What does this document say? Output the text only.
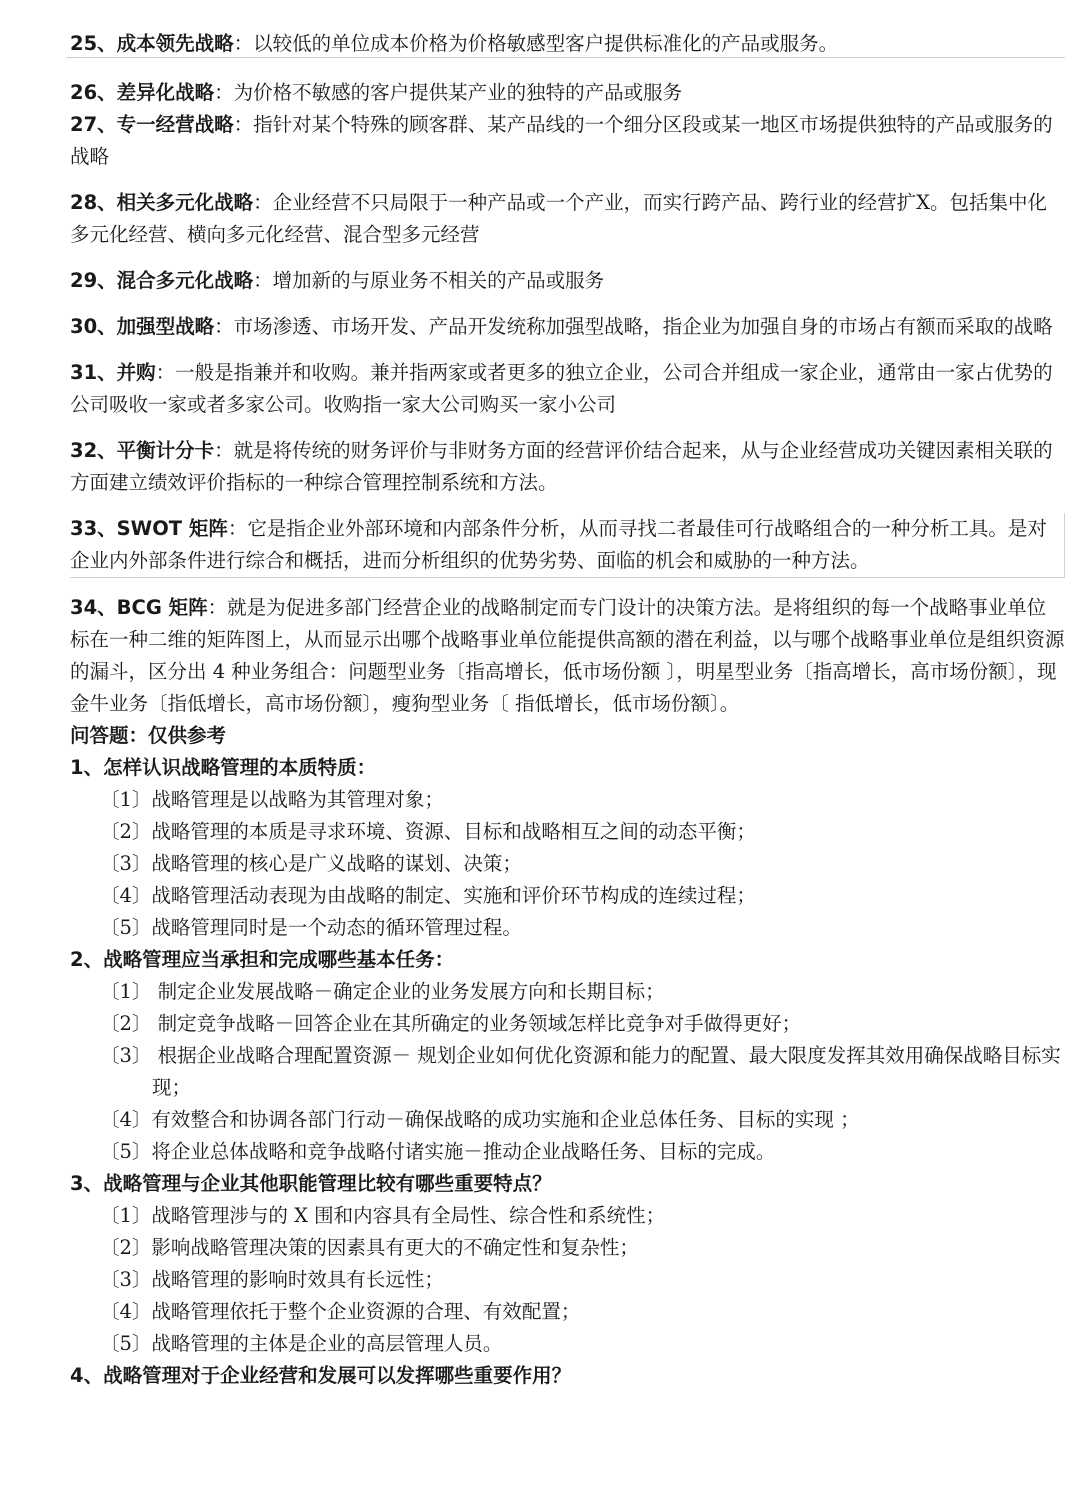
25、成本领先战略：以较低的单位成本价格为价格敏感型客户提供标准化的产品或服务。

26、差异化战略：为价格不敏感的客户提供某产业的独特的产品或服务

27、专一经营战略：指针对某个特殊的顾客群、某产品线的一个细分区段或某一地区市场提供独特的产品或服务的战略

28、相关多元化战略：企业经营不只局限于一种产品或一个产业，而实行跨产品、跨行业的经营扩X。包括集中化多元化经营、横向多元化经营、混合型多元经营

29、混合多元化战略：增加新的与原业务不相关的产品或服务

30、加强型战略：市场渗透、市场开发、产品开发统称加强型战略，指企业为加强自身的市场占有额而采取的战略

31、并购：一般是指兼并和收购。兼并指两家或者更多的独立企业，公司合并组成一家企业，通常由一家占优势的公司吸收一家或者多家公司。收购指一家大公司购买一家小公司

32、平衡计分卡：就是将传统的财务评价与非财务方面的经营评价结合起来，从与企业经营成功关键因素相关联的方面建立绩效评价指标的一种综合管理控制系统和方法。

33、SWOT 矩阵：它是指企业外部环境和内部条件分析，从而寻找二者最佳可行战略组合的一种分析工具。是对企业内外部条件进行综合和概括，进而分析组织的优势劣势、面临的机会和威胁的一种方法。

34、BCG 矩阵：就是为促进多部门经营企业的战略制定而专门设计的决策方法。是将组织的每一个战略事业单位标在一种二维的矩阵图上，从而显示出哪个战略事业单位能提供高额的潜在利益，以与哪个战略事业单位是组织资源的漏斗，区分出 4 种业务组合：问题型业务〔指高增长，低市场份额 〕，明星型业务〔指高增长，高市场份额〕，现金牛业务〔指低增长，高市场份额〕，瘦狗型业务〔 指低增长，低市场份额〕。

问答题：仅供参考

1、怎样认识战略管理的本质特质：

〔1〕战略管理是以战略为其管理对象；

〔2〕战略管理的本质是寻求环境、资源、目标和战略相互之间的动态平衡；

〔3〕战略管理的核心是广义战略的谋划、决策；

〔4〕战略管理活动表现为由战略的制定、实施和评价环节构成的连续过程；

〔5〕战略管理同时是一个动态的循环管理过程。

2、战略管理应当承担和完成哪些基本任务：

〔1〕 制定企业发展战略－确定企业的业务发展方向和长期目标；

〔2〕 制定竞争战略－回答企业在其所确定的业务领域怎样比竞争对手做得更好；

〔3〕 根据企业战略合理配置资源－ 规划企业如何优化资源和能力的配置、最大限度发挥其效用确保战略目标实现；

〔4〕有效整合和协调各部门行动－确保战略的成功实施和企业总体任务、目标的实现 ；

〔5〕将企业总体战略和竞争战略付诸实施－推动企业战略任务、目标的完成。

3、战略管理与企业其他职能管理比较有哪些重要特点？

〔1〕战略管理涉与的 X 围和内容具有全局性、综合性和系统性；

〔2〕影响战略管理决策的因素具有更大的不确定性和复杂性；

〔3〕战略管理的影响时效具有长远性；

〔4〕战略管理依托于整个企业资源的合理、有效配置；

〔5〕战略管理的主体是企业的高层管理人员。

4、战略管理对于企业经营和发展可以发挥哪些重要作用？
